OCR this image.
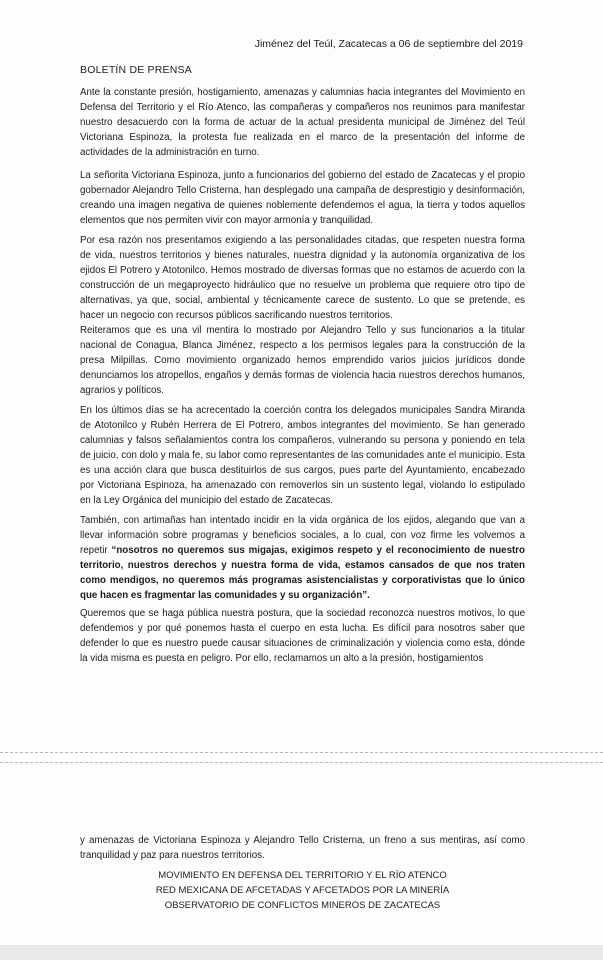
Jiménez del Teúl, Zacatecas a 06 de septiembre del 2019

BOLETÍN DE PRENSA

Ante la constante presión, hostigamiento, amenazas y calumnias hacia integrantes del Movimiento en Defensa del Territorio y el Río Atenco, las compañeras y compañeros nos reunimos para manifestar nuestro desacuerdo con la forma de actuar de la actual presidenta municipal de Jiménez del Teúl Victoriana Espinoza, la protesta fue realizada en el marco de la presentación del informe de actividades de la administración en turno.

La señorita Victoriana Espinoza, junto a funcionarios del gobierno del estado de Zacatecas y el propio gobernador Alejandro Tello Cristerna, han desplegado una campaña de desprestigio y desinformación, creando una imagen negativa de quienes noblemente defendemos el agua, la tierra y todos aquellos elementos que nos permiten vivir con mayor armonía y tranquilidad.

Por esa razón nos presentamos exigiendo a las personalidades citadas, que respeten nuestra forma de vida, nuestros territorios y bienes naturales, nuestra dignidad y la autonomía organizativa de los ejidos El Potrero y Atotonilco. Hemos mostrado de diversas formas que no estamos de acuerdo con la construcción de un megaproyecto hidráulico que no resuelve un problema que requiere otro tipo de alternativas, ya que, social, ambiental y técnicamente carece de sustento. Lo que se pretende, es hacer un negocio con recursos públicos sacrificando nuestros territorios.

Reiteramos que es una vil mentira lo mostrado por Alejandro Tello y sus funcionarios a la titular nacional de Conagua, Blanca Jiménez, respecto a los permisos legales para la construcción de la presa Milpillas. Como movimiento organizado hemos emprendido varios juicios jurídicos donde denunciamos los atropellos, engaños y demás formas de violencia hacia nuestros derechos humanos, agrarios y políticos.

En los últimos días se ha acrecentado la coerción contra los delegados municipales Sandra Miranda de Atotonilco y Rubén Herrera de El Potrero, ambos integrantes del movimiento. Se han generado calumnias y falsos señalamientos contra los compañeros, vulnerando su persona y poniendo en tela de juicio, con dolo y mala fe, su labor como representantes de las comunidades ante el municipio. Esta es una acción clara que busca destituirlos de sus cargos, pues parte del Ayuntamiento, encabezado por Victoriana Espinoza, ha amenazado con removerlos sin un sustento legal, violando lo estipulado en la Ley Orgánica del municipio del estado de Zacatecas.

También, con artimañas han intentado incidir en la vida orgánica de los ejidos, alegando que van a llevar información sobre programas y beneficios sociales, a lo cual, con voz firme les volvemos a repetir “nosotros no queremos sus migajas, exigimos respeto y el reconocimiento de nuestro territorio, nuestros derechos y nuestra forma de vida, estamos cansados de que nos traten como mendigos, no queremos más programas asistencialistas y corporativistas que lo único que hacen es fragmentar las comunidades y su organización”.

Queremos que se haga pública nuestra postura, que la sociedad reconozca nuestros motivos, lo que defendemos y por qué ponemos hasta el cuerpo en esta lucha. Es difícil para nosotros saber que defender lo que es nuestro puede causar situaciones de criminalización y violencia como esta, dónde la vida misma es puesta en peligro. Por ello, reclamamos un alto a la presión, hostigamientos

y amenazas de Victoriana Espinoza y Alejandro Tello Cristerna, un freno a sus mentiras, así como tranquilidad y paz para nuestros territorios.

MOVIMIENTO EN DEFENSA DEL TERRITORIO Y EL RÍO ATENCO
RED MEXICANA DE AFCETADAS Y AFCETADOS POR LA MINERÍA
OBSERVATORIO DE CONFLICTOS MINEROS DE ZACATECAS
